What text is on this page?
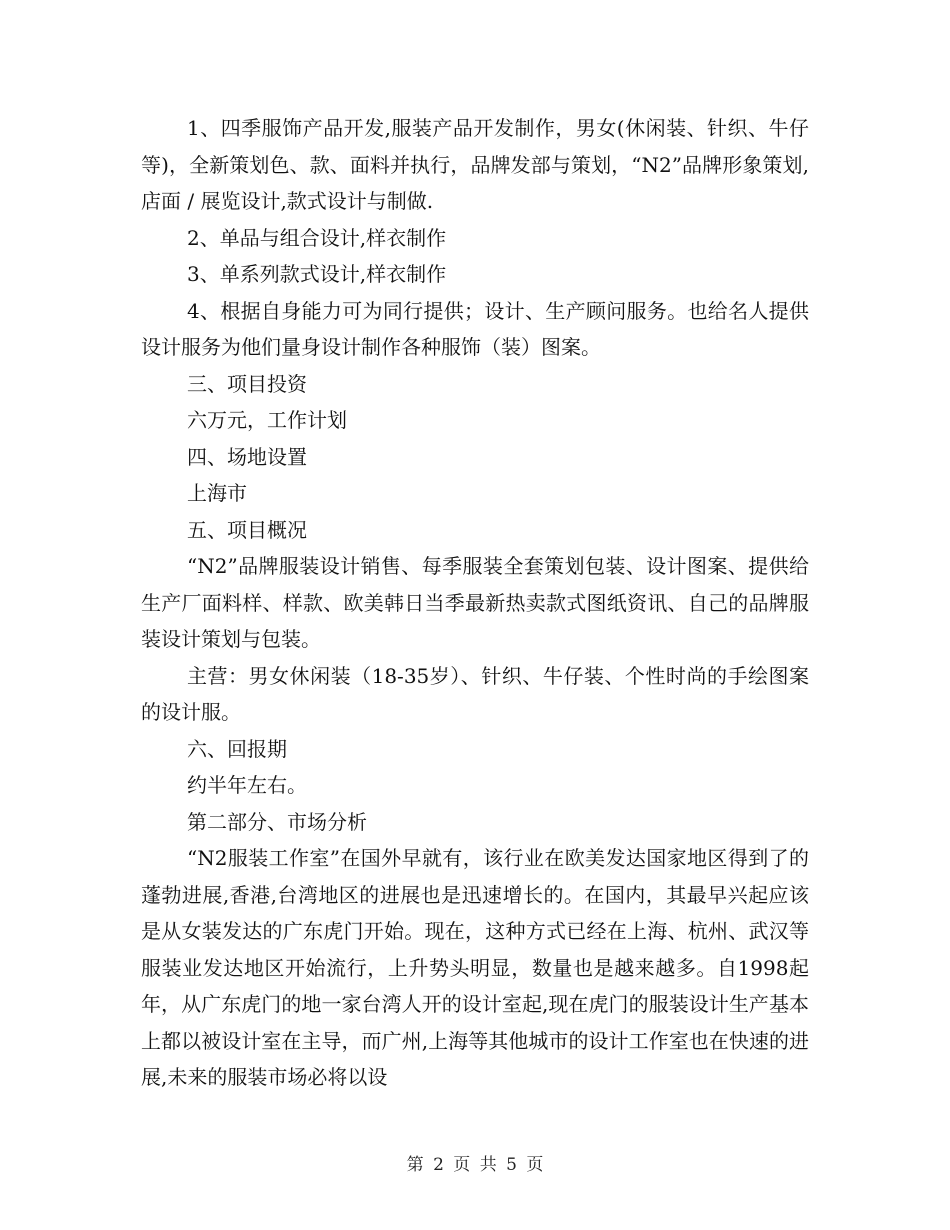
1、四季服饰产品开发,服装产品开发制作，男女(休闲装、针织、牛仔等)，全新策划色、款、面料并执行，品牌发部与策划，“N2”品牌形象策划,店面 / 展览设计,款式设计与制做.

2、单品与组合设计,样衣制作

3、单系列款式设计,样衣制作

4、根据自身能力可为同行提供；设计、生产顾问服务。也给名人提供设计服务为他们量身设计制作各种服饰（装）图案。

三、项目投资

六万元，工作计划

四、场地设置

上海市

五、项目概况

“N2”品牌服装设计销售、每季服装全套策划包装、设计图案、提供给生产厂面料样、样款、欧美韩日当季最新热卖款式图纸资讯、自己的品牌服装设计策划与包装。

主营：男女休闲装（18-35岁）、针织、牛仔装、个性时尚的手绘图案的设计服。

六、回报期

约半年左右。

第二部分、市场分析

“N2服装工作室”在国外早就有，该行业在欧美发达国家地区得到了的蓬勃进展,香港,台湾地区的进展也是迅速增长的。在国内，其最早兴起应该是从女装发达的广东虎门开始。现在，这种方式已经在上海、杭州、武汉等服装业发达地区开始流行，上升势头明显，数量也是越来越多。自1998起年，从广东虎门的地一家台湾人开的设计室起,现在虎门的服装设计生产基本上都以被设计室在主导，而广州,上海等其他城市的设计工作室也在快速的进展,未来的服装市场必将以设

第 2 页 共 5 页
